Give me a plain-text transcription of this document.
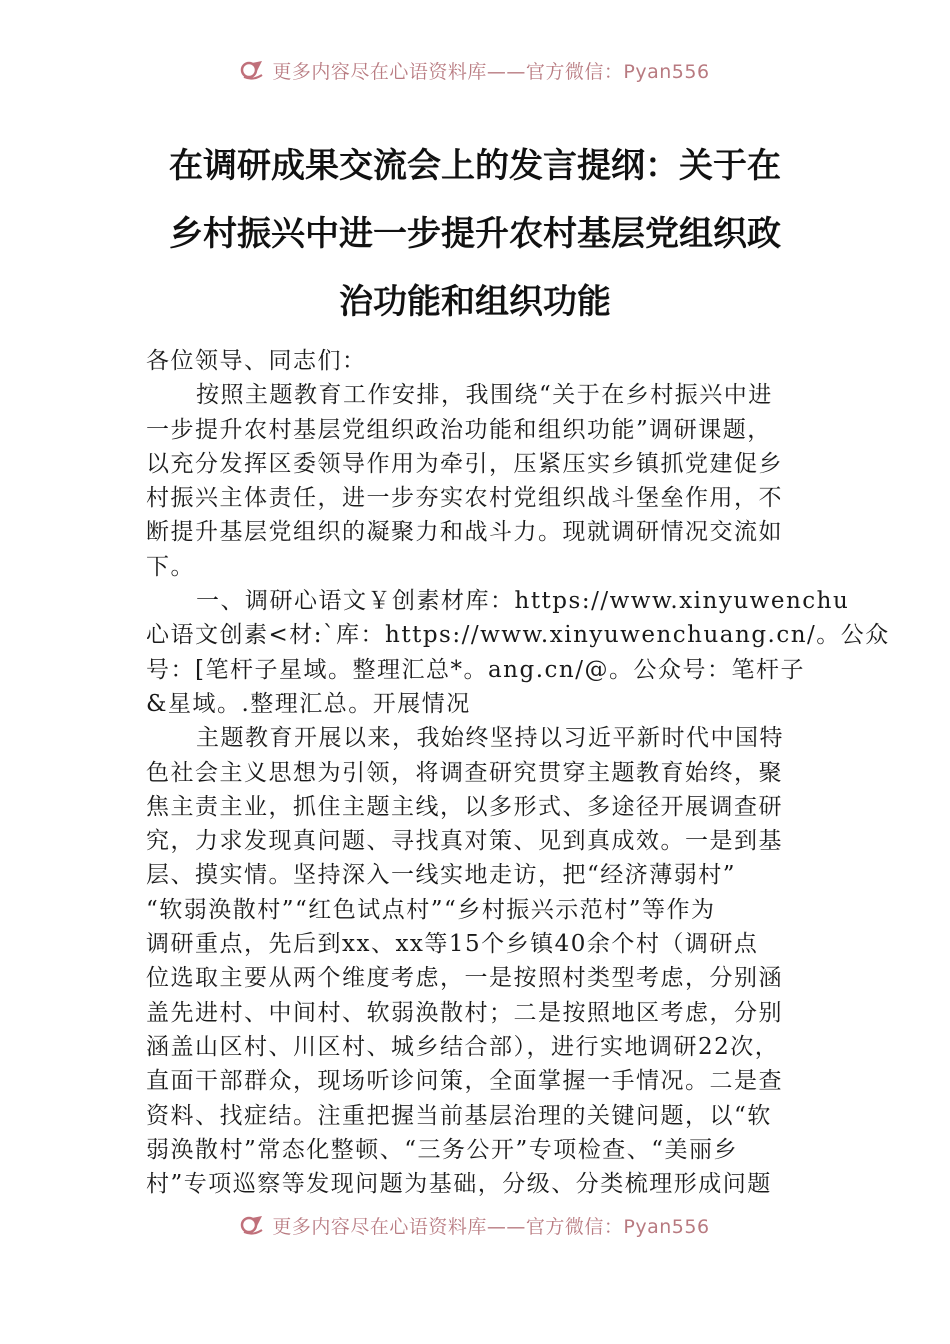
更多内容尽在心语资料库——官方微信：Pyan556
在调研成果交流会上的发言提纲：关于在
乡村振兴中进一步提升农村基层党组织政
治功能和组织功能
各位领导、同志们：
按照主题教育工作安排，我围绕“关于在乡村振兴中进
一步提升农村基层党组织政治功能和组织功能”调研课题，
以充分发挥区委领导作用为牵引，压紧压实乡镇抓党建促乡
村振兴主体责任，进一步夯实农村党组织战斗堡垒作用，不
断提升基层党组织的凝聚力和战斗力。现就调研情况交流如
下。
一、调研心语文￥创素材库：https://www.xinyuwenchu
心语文创素<材:`库：https://www.xinyuwenchuang.cn/。公众
号：[笔杆子星域。整理汇总*。ang.cn/@。公众号：笔杆子
&星域。.整理汇总。开展情况
主题教育开展以来，我始终坚持以习近平新时代中国特
色社会主义思想为引领，将调查研究贯穿主题教育始终，聚
焦主责主业，抓住主题主线，以多形式、多途径开展调查研
究，力求发现真问题、寻找真对策、见到真成效。一是到基
层、摸实情。坚持深入一线实地走访，把“经济薄弱村”
“软弱涣散村”“红色试点村”“乡村振兴示范村”等作为
调研重点，先后到xx、xx等15个乡镇40余个村（调研点
位选取主要从两个维度考虑，一是按照村类型考虑，分别涵
盖先进村、中间村、软弱涣散村；二是按照地区考虑，分别
涵盖山区村、川区村、城乡结合部），进行实地调研22次，
直面干部群众，现场听诊问策，全面掌握一手情况。二是查
资料、找症结。注重把握当前基层治理的关键问题，以“软
弱涣散村”常态化整顿、“三务公开”专项检查、“美丽乡
村”专项巡察等发现问题为基础，分级、分类梳理形成问题
更多内容尽在心语资料库——官方微信：Pyan556
